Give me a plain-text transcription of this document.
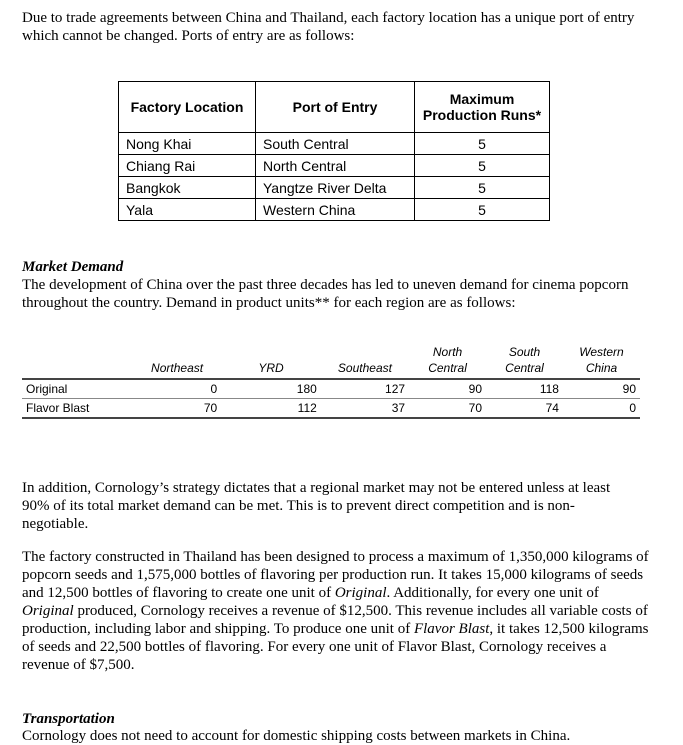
Due to trade agreements between China and Thailand, each factory location has a unique port of entry which cannot be changed. Ports of entry are as follows:

Factory Location	Port of Entry	Maximum Production Runs*
Nong Khai	South Central	5
Chiang Rai	North Central	5
Bangkok	Yangtze River Delta	5
Yala	Western China	5

Market Demand

The development of China over the past three decades has led to uneven demand for cinema popcorn throughout the country. Demand in product units** for each region are as follows:

	Northeast	YRD	Southeast	North Central	South Central	Western China
Original	0	180	127	90	118	90
Flavor Blast	70	112	37	70	74	0

In addition, Cornology’s strategy dictates that a regional market may not be entered unless at least 90% of its total market demand can be met. This is to prevent direct competition and is non-negotiable.

The factory constructed in Thailand has been designed to process a maximum of 1,350,000 kilograms of popcorn seeds and 1,575,000 bottles of flavoring per production run. It takes 15,000 kilograms of seeds and 12,500 bottles of flavoring to create one unit of Original. Additionally, for every one unit of Original produced, Cornology receives a revenue of $12,500. This revenue includes all variable costs of production, including labor and shipping. To produce one unit of Flavor Blast, it takes 12,500 kilograms of seeds and 22,500 bottles of flavoring. For every one unit of Flavor Blast, Cornology receives a revenue of $7,500.

Transportation

Cornology does not need to account for domestic shipping costs between markets in China.
